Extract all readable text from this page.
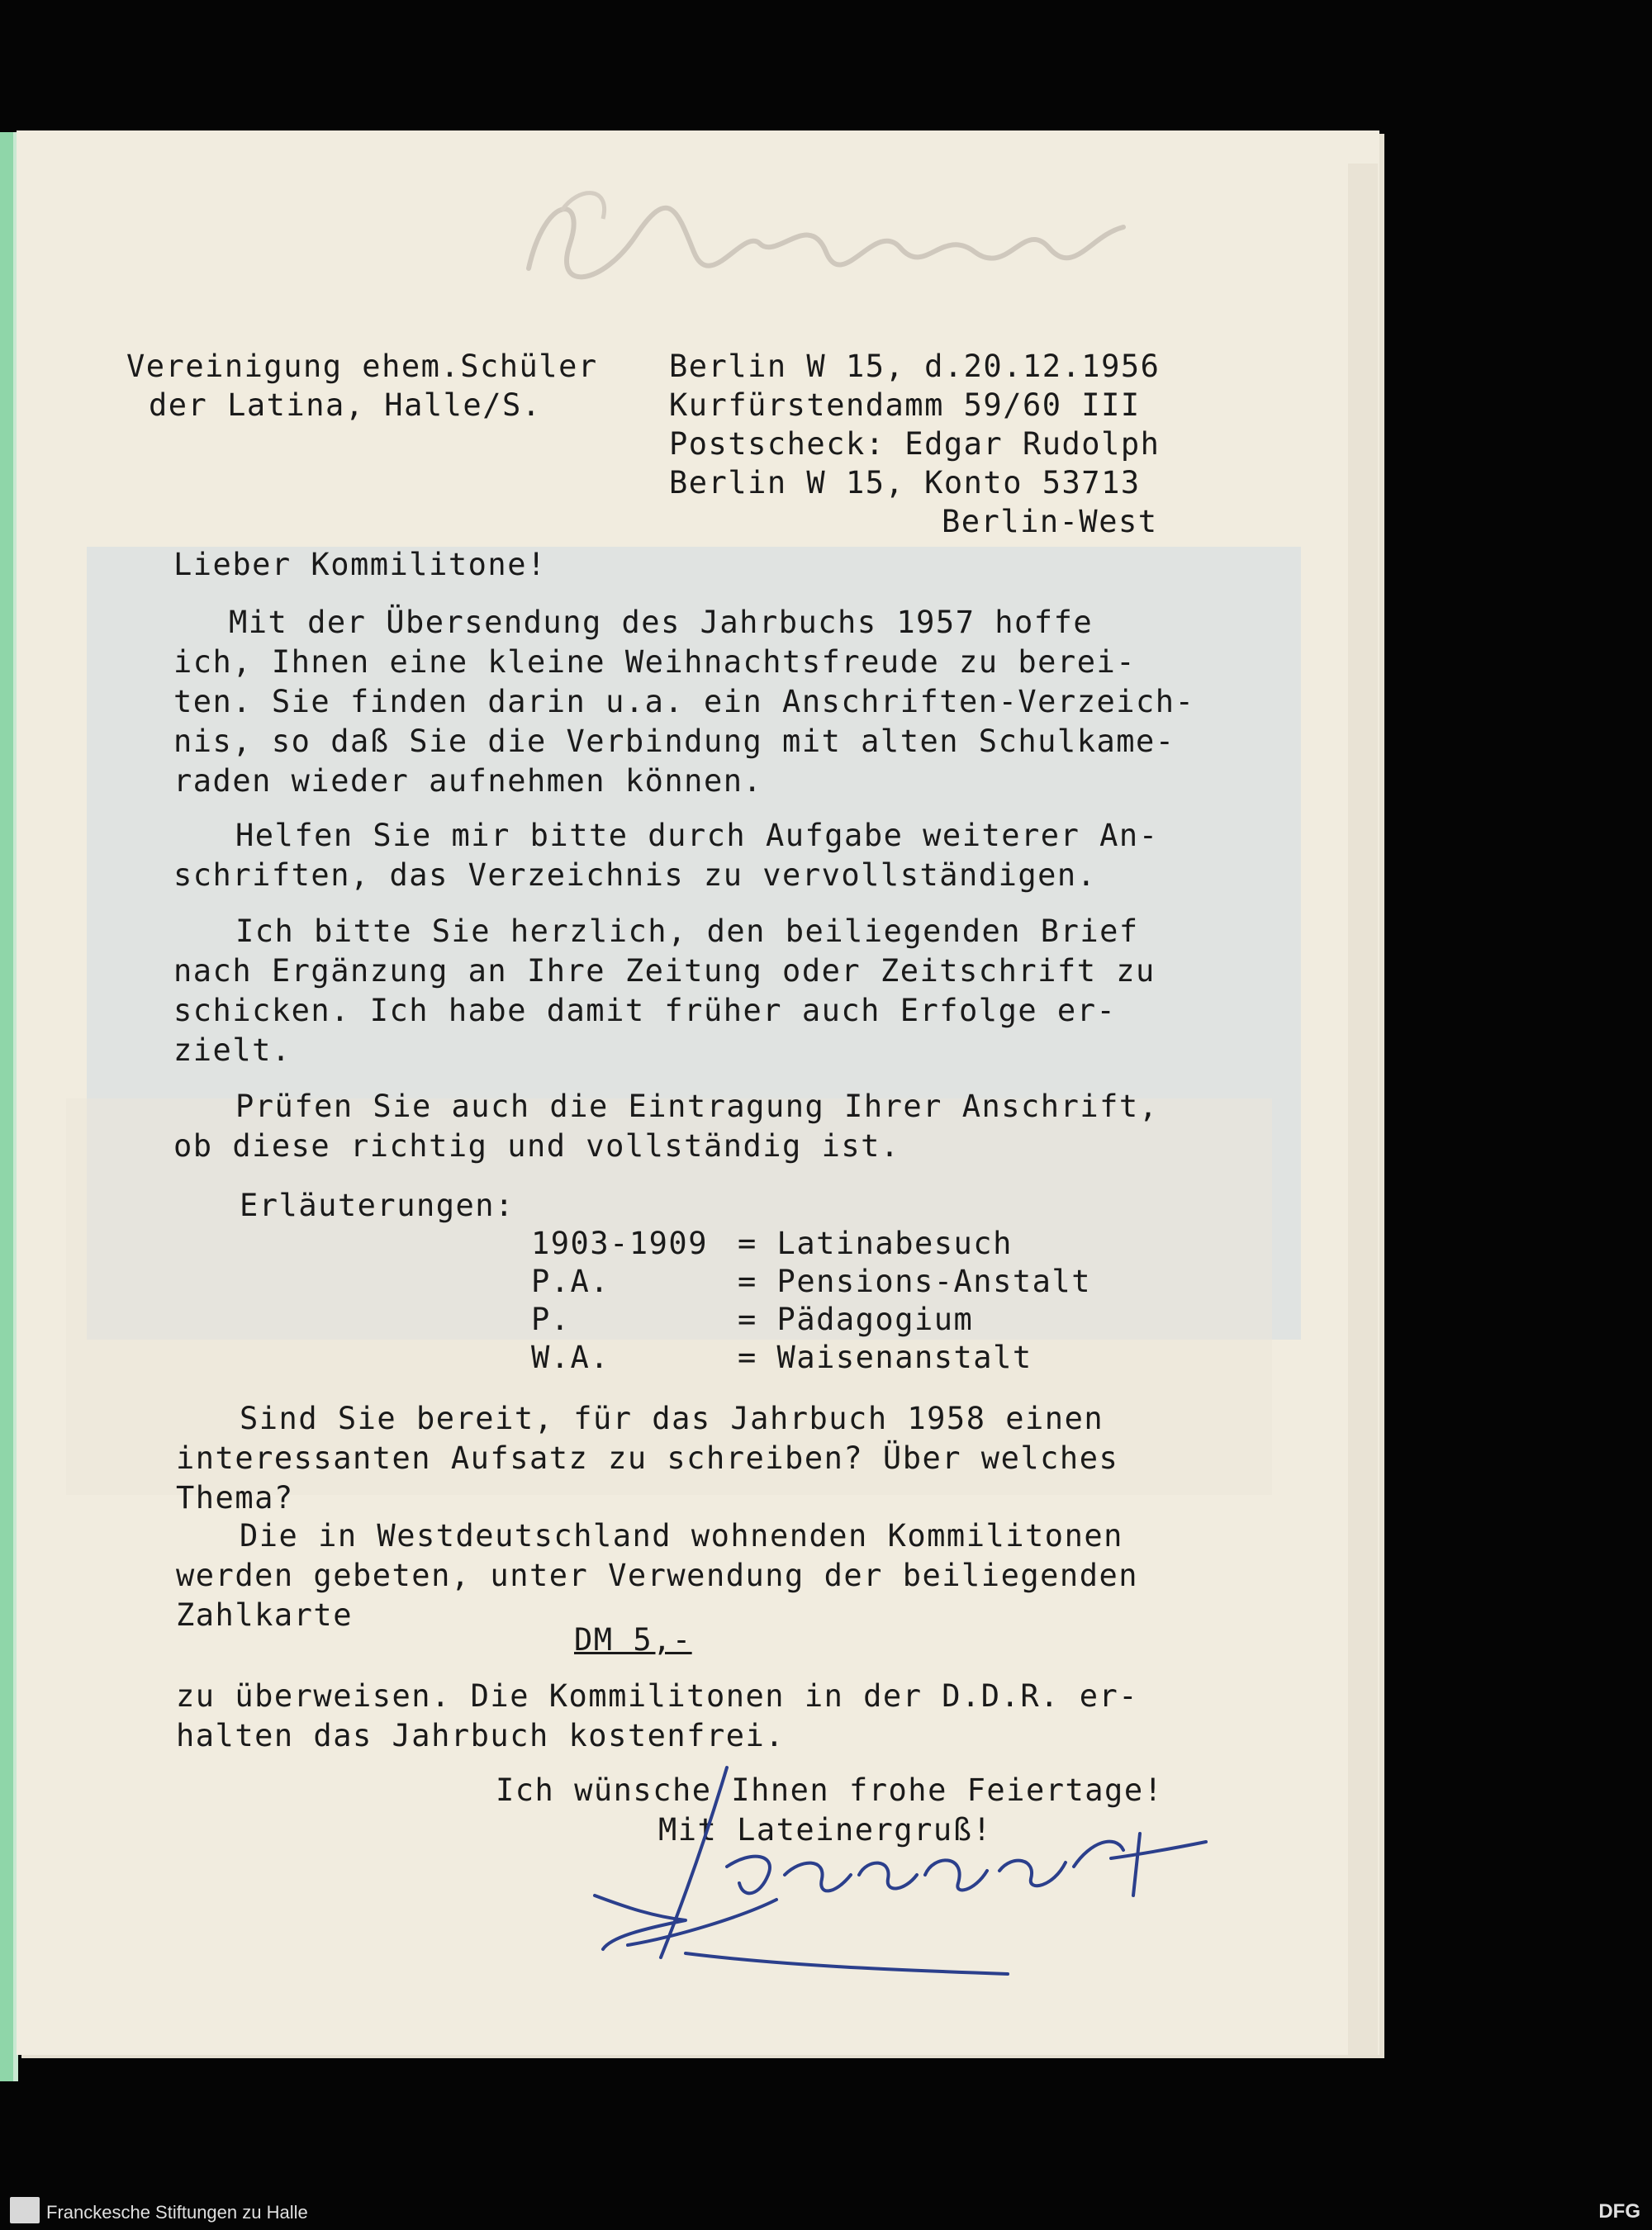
Vereinigung ehem.Schüler
der Latina, Halle/S.
Berlin W 15, d.20.12.1956
Kurfürstendamm 59/60 III
Postscheck: Edgar Rudolph
Berlin W 15, Konto 53713
Berlin-West
Lieber Kommilitone!
Mit der Übersendung des Jahrbuchs 1957 hoffe
ich, Ihnen eine kleine Weihnachtsfreude zu berei-
ten. Sie finden darin u.a. ein Anschriften-Verzeich-
nis, so daß Sie die Verbindung mit alten Schulkame-
raden wieder aufnehmen können.
Helfen Sie mir bitte durch Aufgabe weiterer An-
schriften, das Verzeichnis zu vervollständigen.
Ich bitte Sie herzlich, den beiliegenden Brief
nach Ergänzung an Ihre Zeitung oder Zeitschrift zu
schicken. Ich habe damit früher auch Erfolge er-
zielt.
Prüfen Sie auch die Eintragung Ihrer Anschrift,
ob diese richtig und vollständig ist.
Erläuterungen:
1903-1909 = Latinabesuch
P.A.	= Pensions-Anstalt
P.	= Pädagogium
W.A.	= Waisenanstalt
Sind Sie bereit, für das Jahrbuch 1958 einen
interessanten Aufsatz zu schreiben? Über welches
Thema?
Die in Westdeutschland wohnenden Kommilitonen
werden gebeten, unter Verwendung der beiliegenden
Zahlkarte
DM 5,-
zu überweisen. Die Kommilitonen in der D.D.R. er-
halten das Jahrbuch kostenfrei.
Ich wünsche Ihnen frohe Feiertage!
Mit Lateinergruß!
Franckesche Stiftungen zu Halle	DFG
